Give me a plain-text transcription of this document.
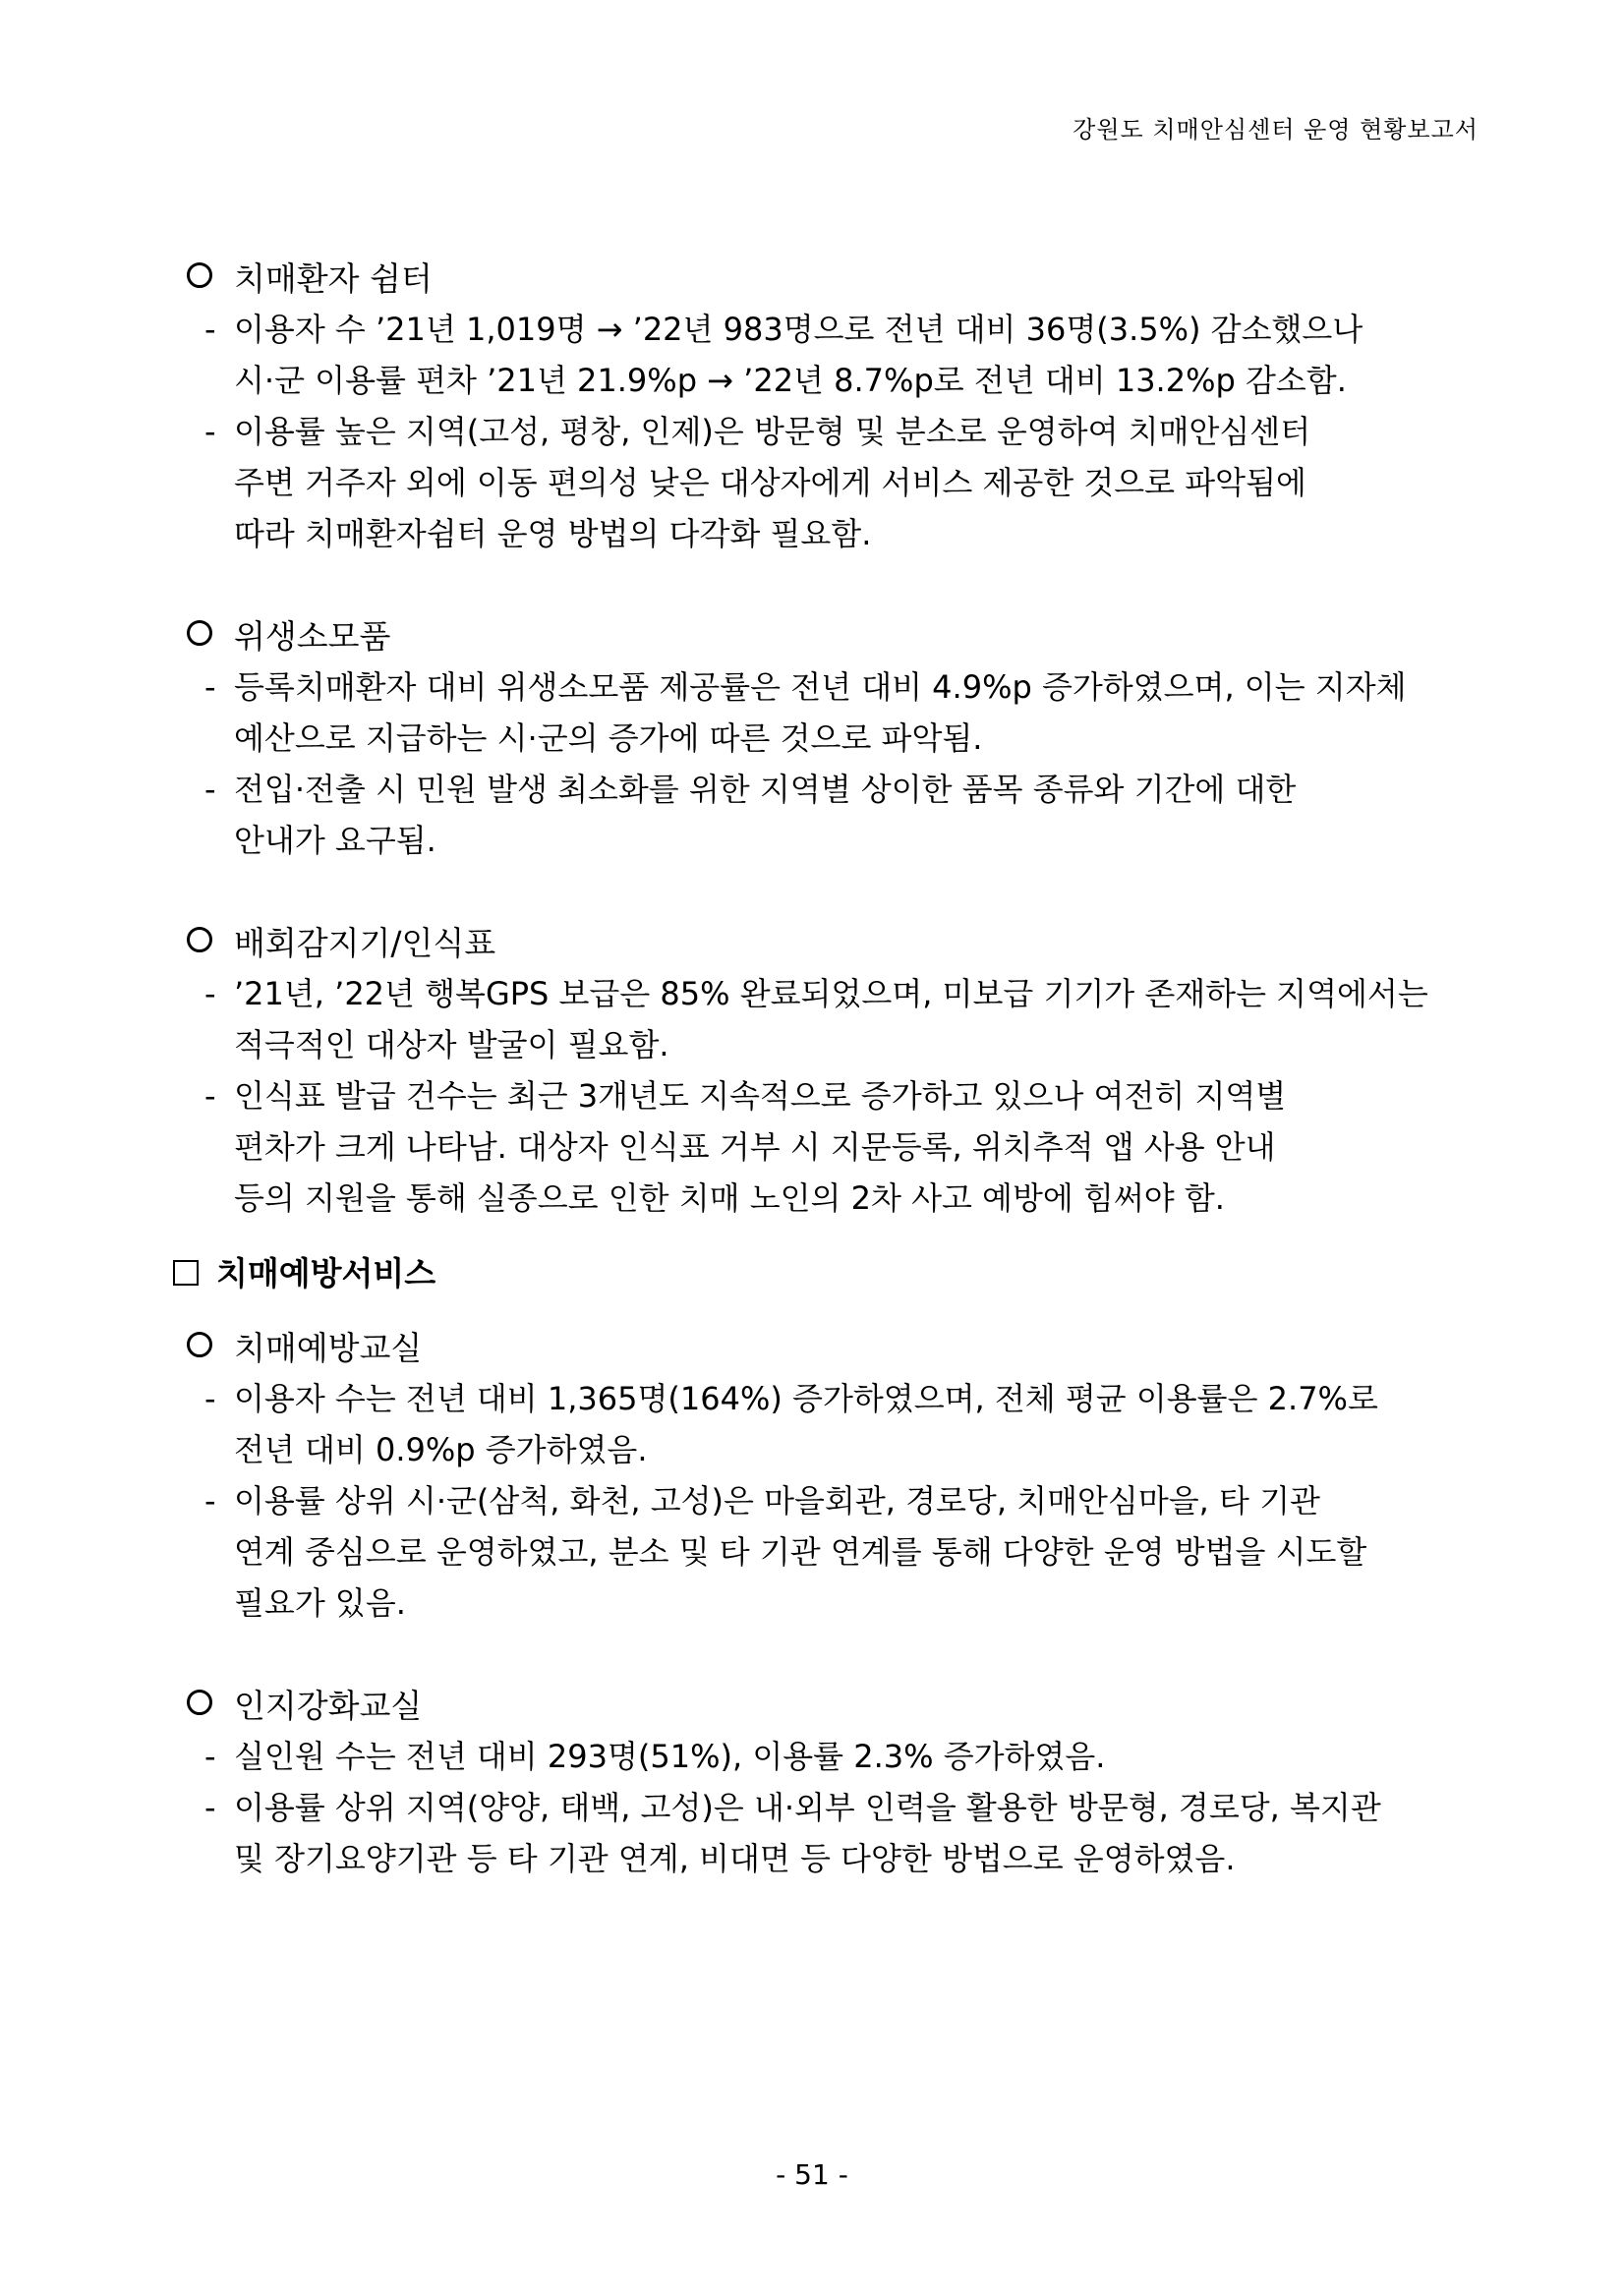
강원도 치매안심센터 운영 현황보고서
치매환자 쉼터
- 이용자 수 ’21년 1,019명 → ’22년 983명으로 전년 대비 36명(3.5%) 감소했으나
시·군 이용률 편차 ’21년 21.9%p → ’22년 8.7%p로 전년 대비 13.2%p 감소함.
- 이용률 높은 지역(고성, 평창, 인제)은 방문형 및 분소로 운영하여 치매안심센터
주변 거주자 외에 이동 편의성 낮은 대상자에게 서비스 제공한 것으로 파악됨에
따라 치매환자쉼터 운영 방법의 다각화 필요함.
위생소모품
- 등록치매환자 대비 위생소모품 제공률은 전년 대비 4.9%p 증가하였으며, 이는 지자체
예산으로 지급하는 시·군의 증가에 따른 것으로 파악됨.
- 전입·전출 시 민원 발생 최소화를 위한 지역별 상이한 품목 종류와 기간에 대한
안내가 요구됨.
배회감지기/인식표
- ’21년, ’22년 행복GPS 보급은 85% 완료되었으며, 미보급 기기가 존재하는 지역에서는
적극적인 대상자 발굴이 필요함.
- 인식표 발급 건수는 최근 3개년도 지속적으로 증가하고 있으나 여전히 지역별
편차가 크게 나타남. 대상자 인식표 거부 시 지문등록, 위치추적 앱 사용 안내
등의 지원을 통해 실종으로 인한 치매 노인의 2차 사고 예방에 힘써야 함.
치매예방서비스
치매예방교실
- 이용자 수는 전년 대비 1,365명(164%) 증가하였으며, 전체 평균 이용률은 2.7%로
전년 대비 0.9%p 증가하였음.
- 이용률 상위 시·군(삼척, 화천, 고성)은 마을회관, 경로당, 치매안심마을, 타 기관
연계 중심으로 운영하였고, 분소 및 타 기관 연계를 통해 다양한 운영 방법을 시도할
필요가 있음.
인지강화교실
- 실인원 수는 전년 대비 293명(51%), 이용률 2.3% 증가하였음.
- 이용률 상위 지역(양양, 태백, 고성)은 내·외부 인력을 활용한 방문형, 경로당, 복지관
및 장기요양기관 등 타 기관 연계, 비대면 등 다양한 방법으로 운영하였음.
- 51 -
